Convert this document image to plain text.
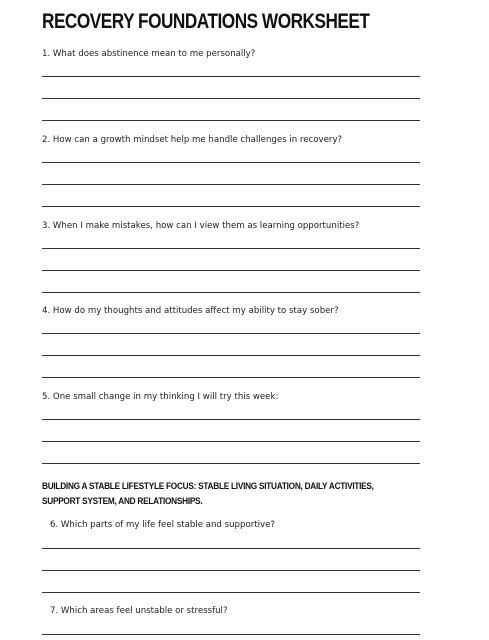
RECOVERY FOUNDATIONS WORKSHEET
1. What does abstinence mean to me personally?
2. How can a growth mindset help me handle challenges in recovery?
3. When I make mistakes, how can I view them as learning opportunities?
4. How do my thoughts and attitudes affect my ability to stay sober?
5. One small change in my thinking I will try this week:
BUILDING A STABLE LIFESTYLE FOCUS: STABLE LIVING SITUATION, DAILY ACTIVITIES, SUPPORT SYSTEM, AND RELATIONSHIPS.
6. Which parts of my life feel stable and supportive?
7. Which areas feel unstable or stressful?
